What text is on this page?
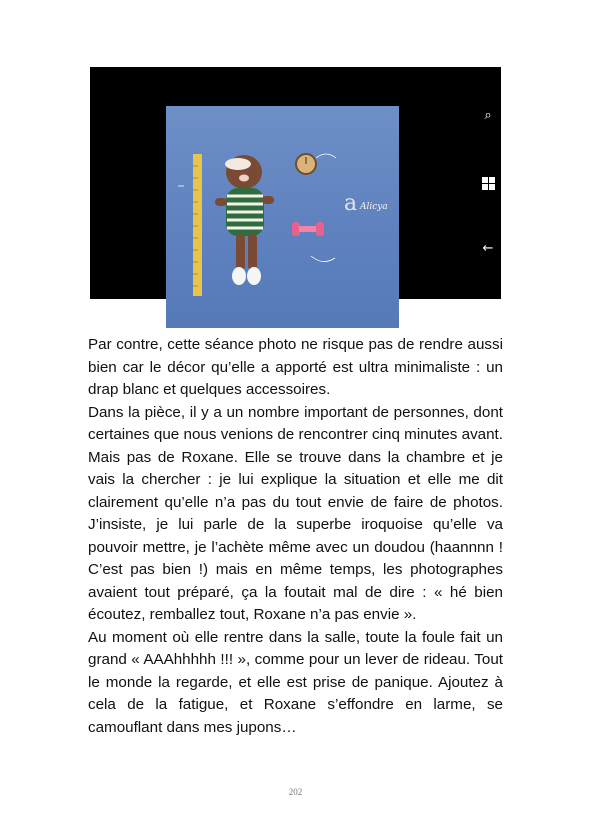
a Alicya
⌕
←

Par contre, cette séance photo ne risque pas de rendre aussi bien car le décor qu’elle a apporté est ultra minimaliste : un drap blanc et quelques accessoires.

Dans la pièce, il y a un nombre important de personnes, dont certaines que nous venions de rencontrer cinq minutes avant. Mais pas de Roxane. Elle se trouve dans la chambre et je vais la chercher : je lui explique la situation et elle me dit clairement qu’elle n’a pas du tout envie de faire de photos. J’insiste, je lui parle de la superbe iroquoise qu’elle va pouvoir mettre, je l’achète même avec un doudou (haannnn ! C’est pas bien !) mais en même temps, les photographes avaient tout préparé, ça la foutait mal de dire : « hé bien écoutez, remballez tout, Roxane n’a pas envie ».

Au moment où elle rentre dans la salle, toute la foule fait un grand « AAAhhhhh !!! », comme pour un lever de rideau. Tout le monde la regarde, et elle est prise de panique. Ajoutez à cela de la fatigue, et Roxane s’effondre en larme, se camouflant dans mes jupons…

202
